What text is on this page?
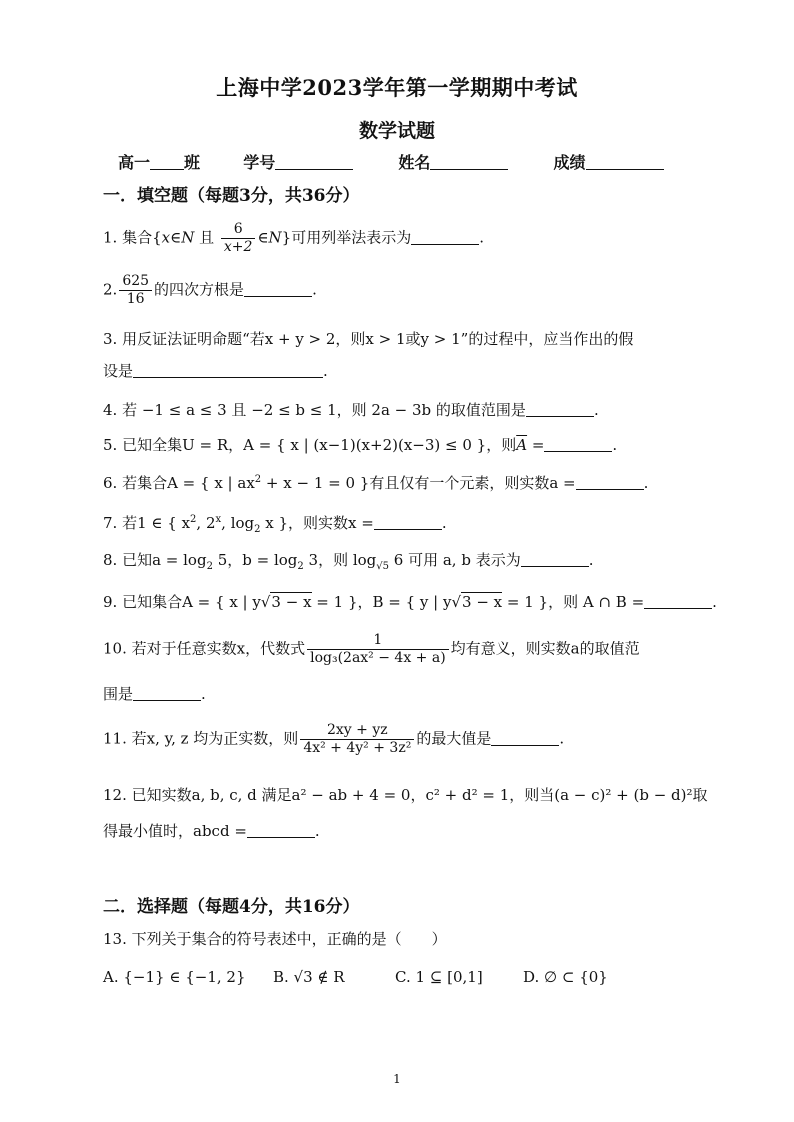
上海中学2023学年第一学期期中考试
数学试题
高一 班	学号	姓名	成绩
一．填空题（每题3分，共36分）
1. 集合{x∈N 且 $\frac{6}{x+2}$ ∈N}可用列举法表示为	.
2. $\frac{625}{16}$ 的四次方根是	.
3. 用反证法证明命题“若x + y > 2，则x > 1或y > 1”的过程中，应当作出的假
设是	.
4. 若 −1 ≤ a ≤ 3 且 −2 ≤ b ≤ 1，则 2a − 3b 的取值范围是	.
5. 已知全集U = R，A = { x | (x−1)(x+2)(x−3) ≤ 0 }，则$\overline{A}$ =	.
6. 若集合A = { x | $ax^2 + x - 1 = 0$ }有且仅有一个元素，则实数a =	.
7. 若1 ∈ { $x^2$, 2$^x$, $\log_2 x$ }，则实数x =	.
8. 已知$a = \log_2 5$，$b = \log_2 3$，则 $\log_{√5} 6$ 可用 a, b 表示为	.
9. 已知集合A = { x | y√3 − x = 1 }，B = { y | y√3 − x = 1 }，则 A ∩ B =	.
10. 若对于任意实数x，代数式 $\frac{1}{\text{log₃(2ax² − 4x + a)}}$ 均有意义，则实数a的取值范
围是	.
11. 若x, y, z 均为正实数，则 $\frac{2xy + yz}{\text{4x² + 4y² + 3z²}}$ 的最大值是	.
12. 已知实数a, b, c, d 满足a² − ab + 4 = 0，c² + d² = 1，则当(a − c)² + (b − d)²取
得最小值时，abcd =	.
二．选择题（每题4分，共16分）
13. 下列关于集合的符号表述中，正确的是（　　）
A. {−1} ∈ {−1, 2} B. √3 ∉ R	C. 1 ⊆ [0,1]	D. ∅ ⊂ {0}
1
